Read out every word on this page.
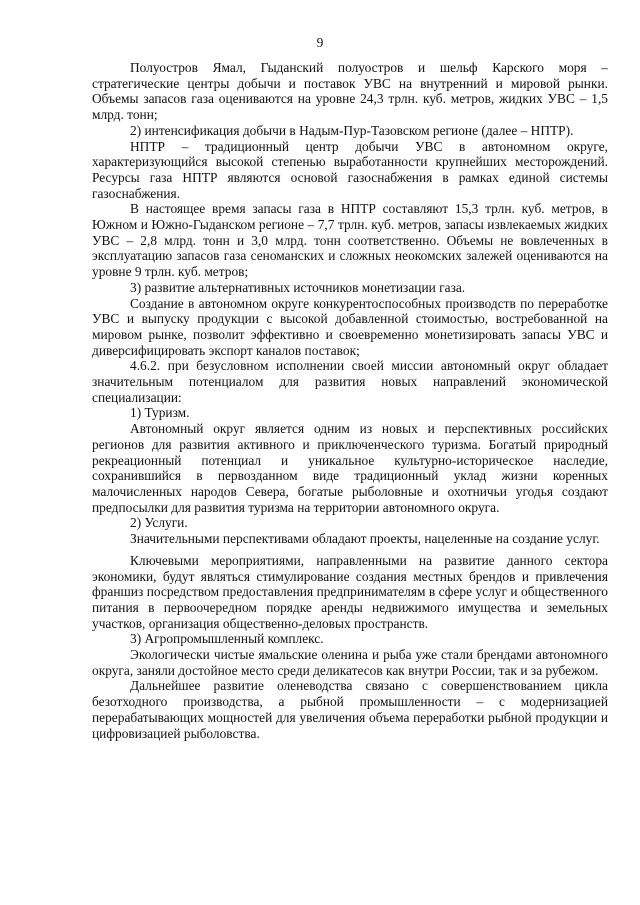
9

Полуостров Ямал, Гыданский полуостров и шельф Карского моря – стратегические центры добычи и поставок УВС на внутренний и мировой рынки. Объемы запасов газа оцениваются на уровне 24,3 трлн. куб. метров, жидких УВС – 1,5 млрд. тонн;

2) интенсификация добычи в Надым-Пур-Тазовском регионе (далее – НПТР).

НПТР – традиционный центр добычи УВС в автономном округе, характеризующийся высокой степенью выработанности крупнейших месторождений. Ресурсы газа НПТР являются основой газоснабжения в рамках единой системы газоснабжения.

В настоящее время запасы газа в НПТР составляют 15,3 трлн. куб. метров, в Южном и Южно-Гыданском регионе – 7,7 трлн. куб. метров, запасы извлекаемых жидких УВС – 2,8 млрд. тонн и 3,0 млрд. тонн соответственно. Объемы не вовлеченных в эксплуатацию запасов газа сеноманских и сложных неокомских залежей оцениваются на уровне 9 трлн. куб. метров;

3) развитие альтернативных источников монетизации газа.

Создание в автономном округе конкурентоспособных производств по переработке УВС и выпуску продукции с высокой добавленной стоимостью, востребованной на мировом рынке, позволит эффективно и своевременно монетизировать запасы УВС и диверсифицировать экспорт каналов поставок;

4.6.2. при безусловном исполнении своей миссии автономный округ обладает значительным потенциалом для развития новых направлений экономической специализации:

1) Туризм.

Автономный округ является одним из новых и перспективных российских регионов для развития активного и приключенческого туризма. Богатый природный рекреационный потенциал и уникальное культурно-историческое наследие, сохранившийся в первозданном виде традиционный уклад жизни коренных малочисленных народов Севера, богатые рыболовные и охотничьи угодья создают предпосылки для развития туризма на территории автономного округа.

2) Услуги.

Значительными перспективами обладают проекты, нацеленные на создание услуг.

Ключевыми мероприятиями, направленными на развитие данного сектора экономики, будут являться стимулирование создания местных брендов и привлечения франшиз посредством предоставления предпринимателям в сфере услуг и общественного питания в первоочередном порядке аренды недвижимого имущества и земельных участков, организация общественно-деловых пространств.

3) Агропромышленный комплекс.

Экологически чистые ямальские оленина и рыба уже стали брендами автономного округа, заняли достойное место среди деликатесов как внутри России, так и за рубежом.

Дальнейшее развитие оленеводства связано с совершенствованием цикла безотходного производства, а рыбной промышленности – с модернизацией перерабатывающих мощностей для увеличения объема переработки рыбной продукции и цифровизацией рыболовства.
